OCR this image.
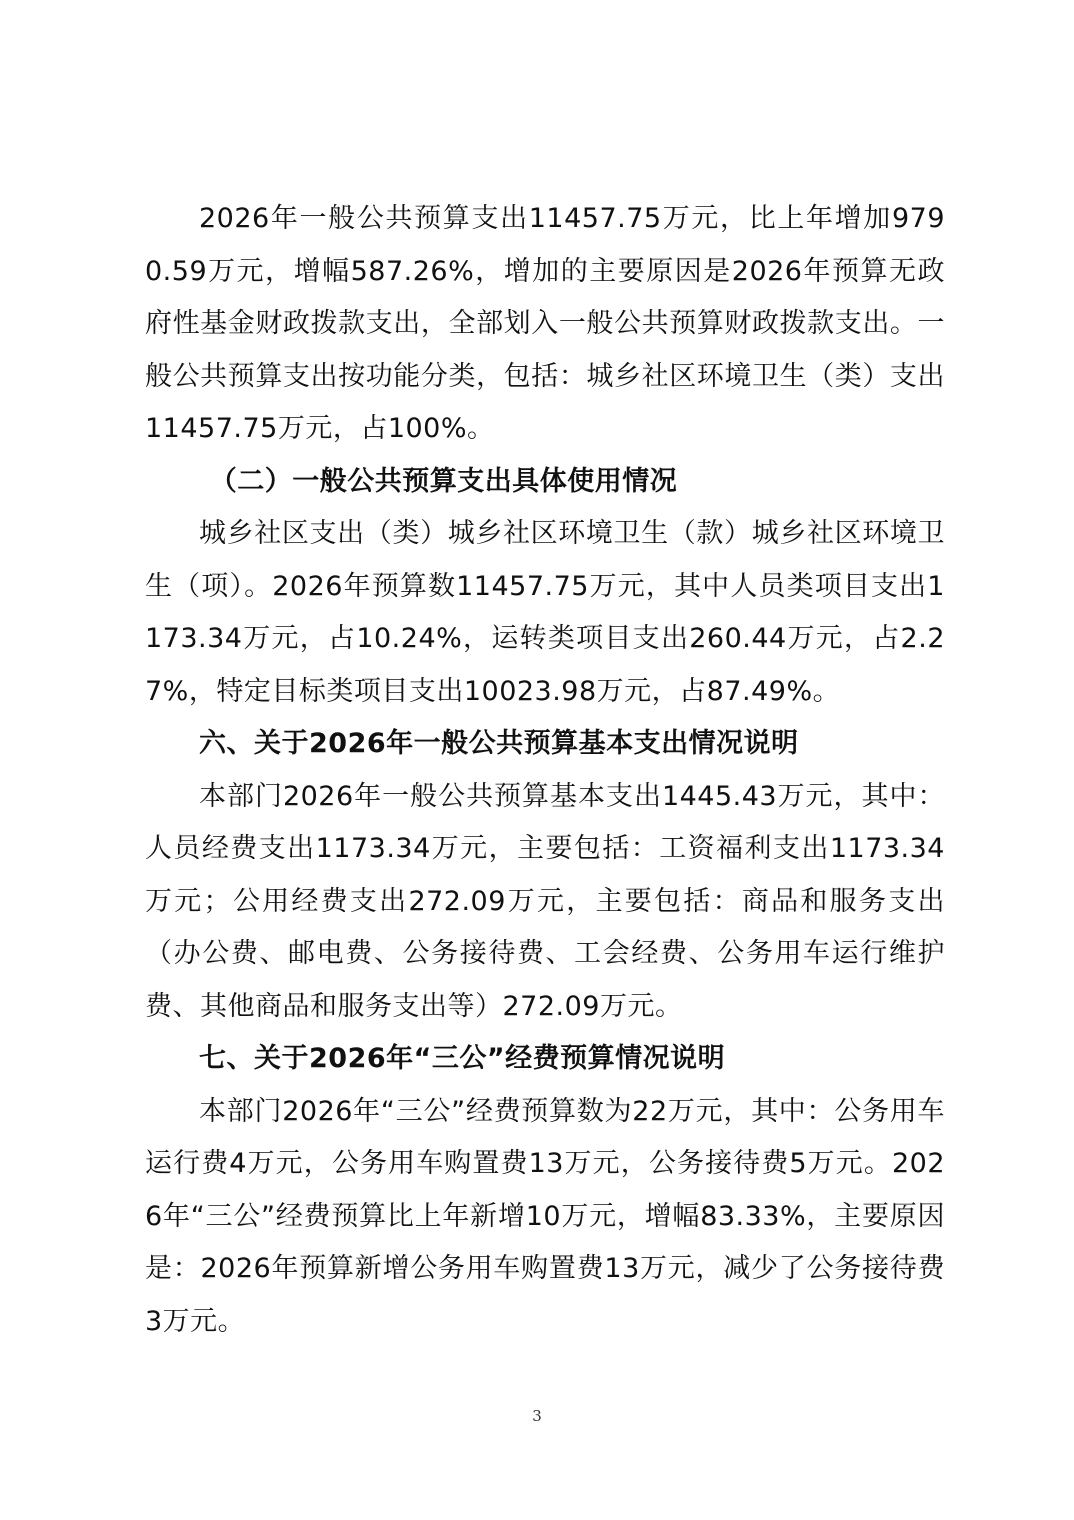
2026年一般公共预算支出11457.75万元，比上年增加9790.59万元，增幅587.26%，增加的主要原因是2026年预算无政府性基金财政拨款支出，全部划入一般公共预算财政拨款支出。一般公共预算支出按功能分类，包括：城乡社区环境卫生（类）支出11457.75万元，占100%。

（二）一般公共预算支出具体使用情况

城乡社区支出（类）城乡社区环境卫生（款）城乡社区环境卫生（项）。2026年预算数11457.75万元，其中人员类项目支出1173.34万元，占10.24%，运转类项目支出260.44万元，占2.27%，特定目标类项目支出10023.98万元，占87.49%。

六、关于2026年一般公共预算基本支出情况说明

本部门2026年一般公共预算基本支出1445.43万元，其中：人员经费支出1173.34万元，主要包括：工资福利支出1173.34万元；公用经费支出272.09万元，主要包括：商品和服务支出（办公费、邮电费、公务接待费、工会经费、公务用车运行维护费、其他商品和服务支出等）272.09万元。

七、关于2026年“三公”经费预算情况说明

本部门2026年“三公”经费预算数为22万元，其中：公务用车运行费4万元，公务用车购置费13万元，公务接待费5万元。2026年“三公”经费预算比上年新增10万元，增幅83.33%，主要原因是：2026年预算新增公务用车购置费13万元，减少了公务接待费3万元。

3
